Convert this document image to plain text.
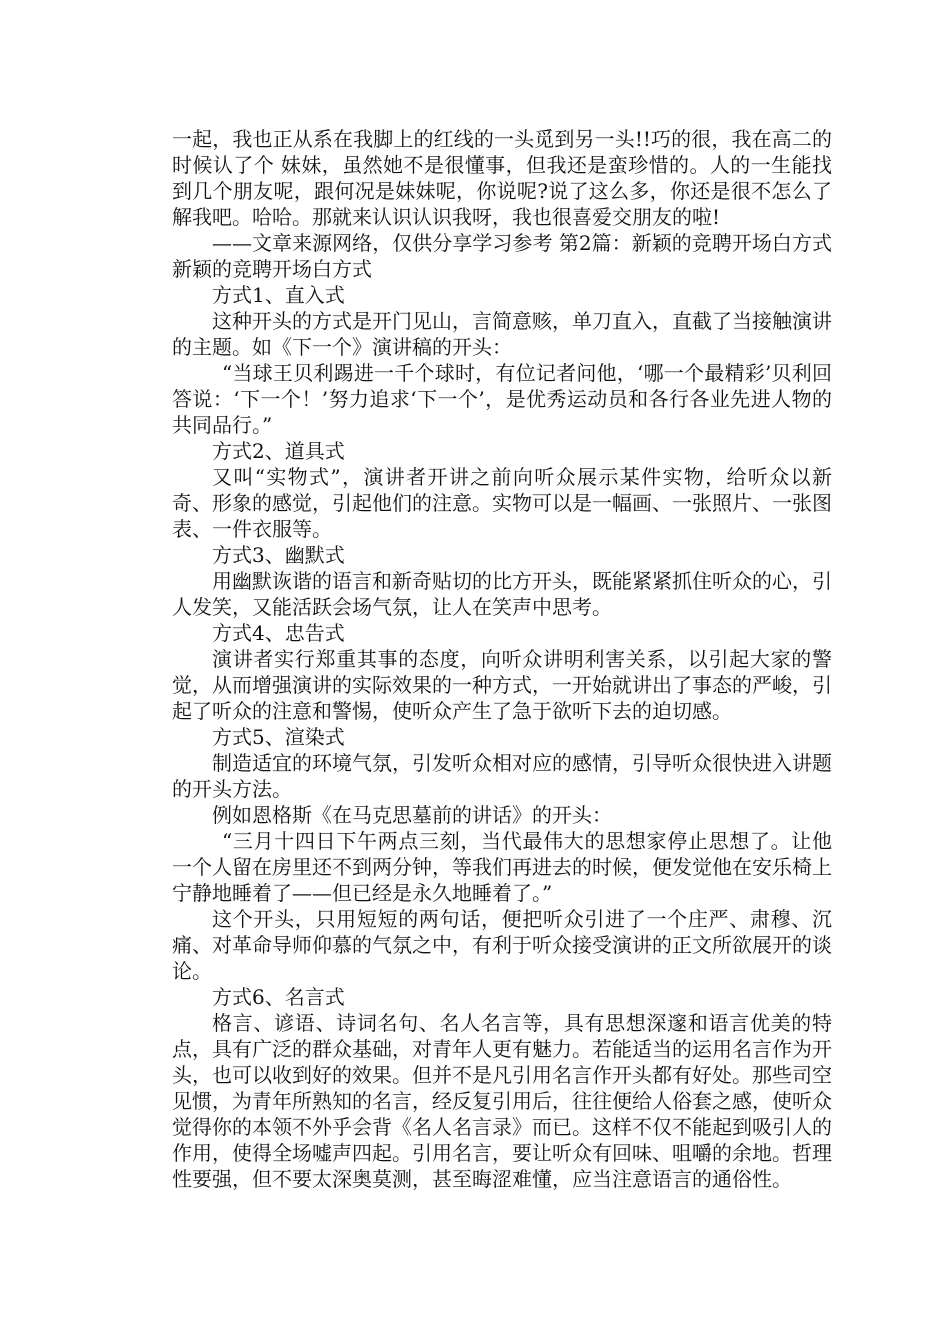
一起，我也正从系在我脚上的红线的一头觅到另一头!!巧的很，我在高二的时候认了个 妹妹，虽然她不是很懂事，但我还是蛮珍惜的。人的一生能找到几个朋友呢，跟何况是妹妹呢，你说呢?说了这么多，你还是很不怎么了 解我吧。哈哈。那就来认识认识我呀，我也很喜爱交朋友的啦!

——文章来源网络，仅供分享学习参考 第2篇：新颖的竞聘开场白方式新颖的竞聘开场白方式

方式1、直入式

这种开头的方式是开门见山，言简意赅，单刀直入，直截了当接触演讲的主题。如《下一个》演讲稿的开头：

“当球王贝利踢进一千个球时，有位记者问他，‘哪一个最精彩’贝利回答说：‘下一个！’努力追求‘下一个’，是优秀运动员和各行各业先进人物的共同品行。”

方式2、道具式

又叫“实物式”，演讲者开讲之前向听众展示某件实物，给听众以新奇、形象的感觉，引起他们的注意。实物可以是一幅画、一张照片、一张图表、一件衣服等。

方式3、幽默式

用幽默诙谐的语言和新奇贴切的比方开头，既能紧紧抓住听众的心，引人发笑，又能活跃会场气氛，让人在笑声中思考。

方式4、忠告式

演讲者实行郑重其事的态度，向听众讲明利害关系，以引起大家的警觉，从而增强演讲的实际效果的一种方式，一开始就讲出了事态的严峻，引起了听众的注意和警惕，使听众产生了急于欲听下去的迫切感。

方式5、渲染式

制造适宜的环境气氛，引发听众相对应的感情，引导听众很快进入讲题的开头方法。

例如恩格斯《在马克思墓前的讲话》的开头：

“三月十四日下午两点三刻，当代最伟大的思想家停止思想了。让他一个人留在房里还不到两分钟，等我们再进去的时候，便发觉他在安乐椅上宁静地睡着了——但已经是永久地睡着了。”

这个开头，只用短短的两句话，便把听众引进了一个庄严、肃穆、沉痛、对革命导师仰慕的气氛之中，有利于听众接受演讲的正文所欲展开的谈论。

方式6、名言式

格言、谚语、诗词名句、名人名言等，具有思想深邃和语言优美的特点，具有广泛的群众基础，对青年人更有魅力。若能适当的运用名言作为开头，也可以收到好的效果。但并不是凡引用名言作开头都有好处。那些司空见惯，为青年所熟知的名言，经反复引用后，往往便给人俗套之感，使听众觉得你的本领不外乎会背《名人名言录》而已。这样不仅不能起到吸引人的作用，使得全场嘘声四起。引用名言，要让听众有回味、咀嚼的余地。哲理性要强，但不要太深奥莫测，甚至晦涩难懂，应当注意语言的通俗性。
